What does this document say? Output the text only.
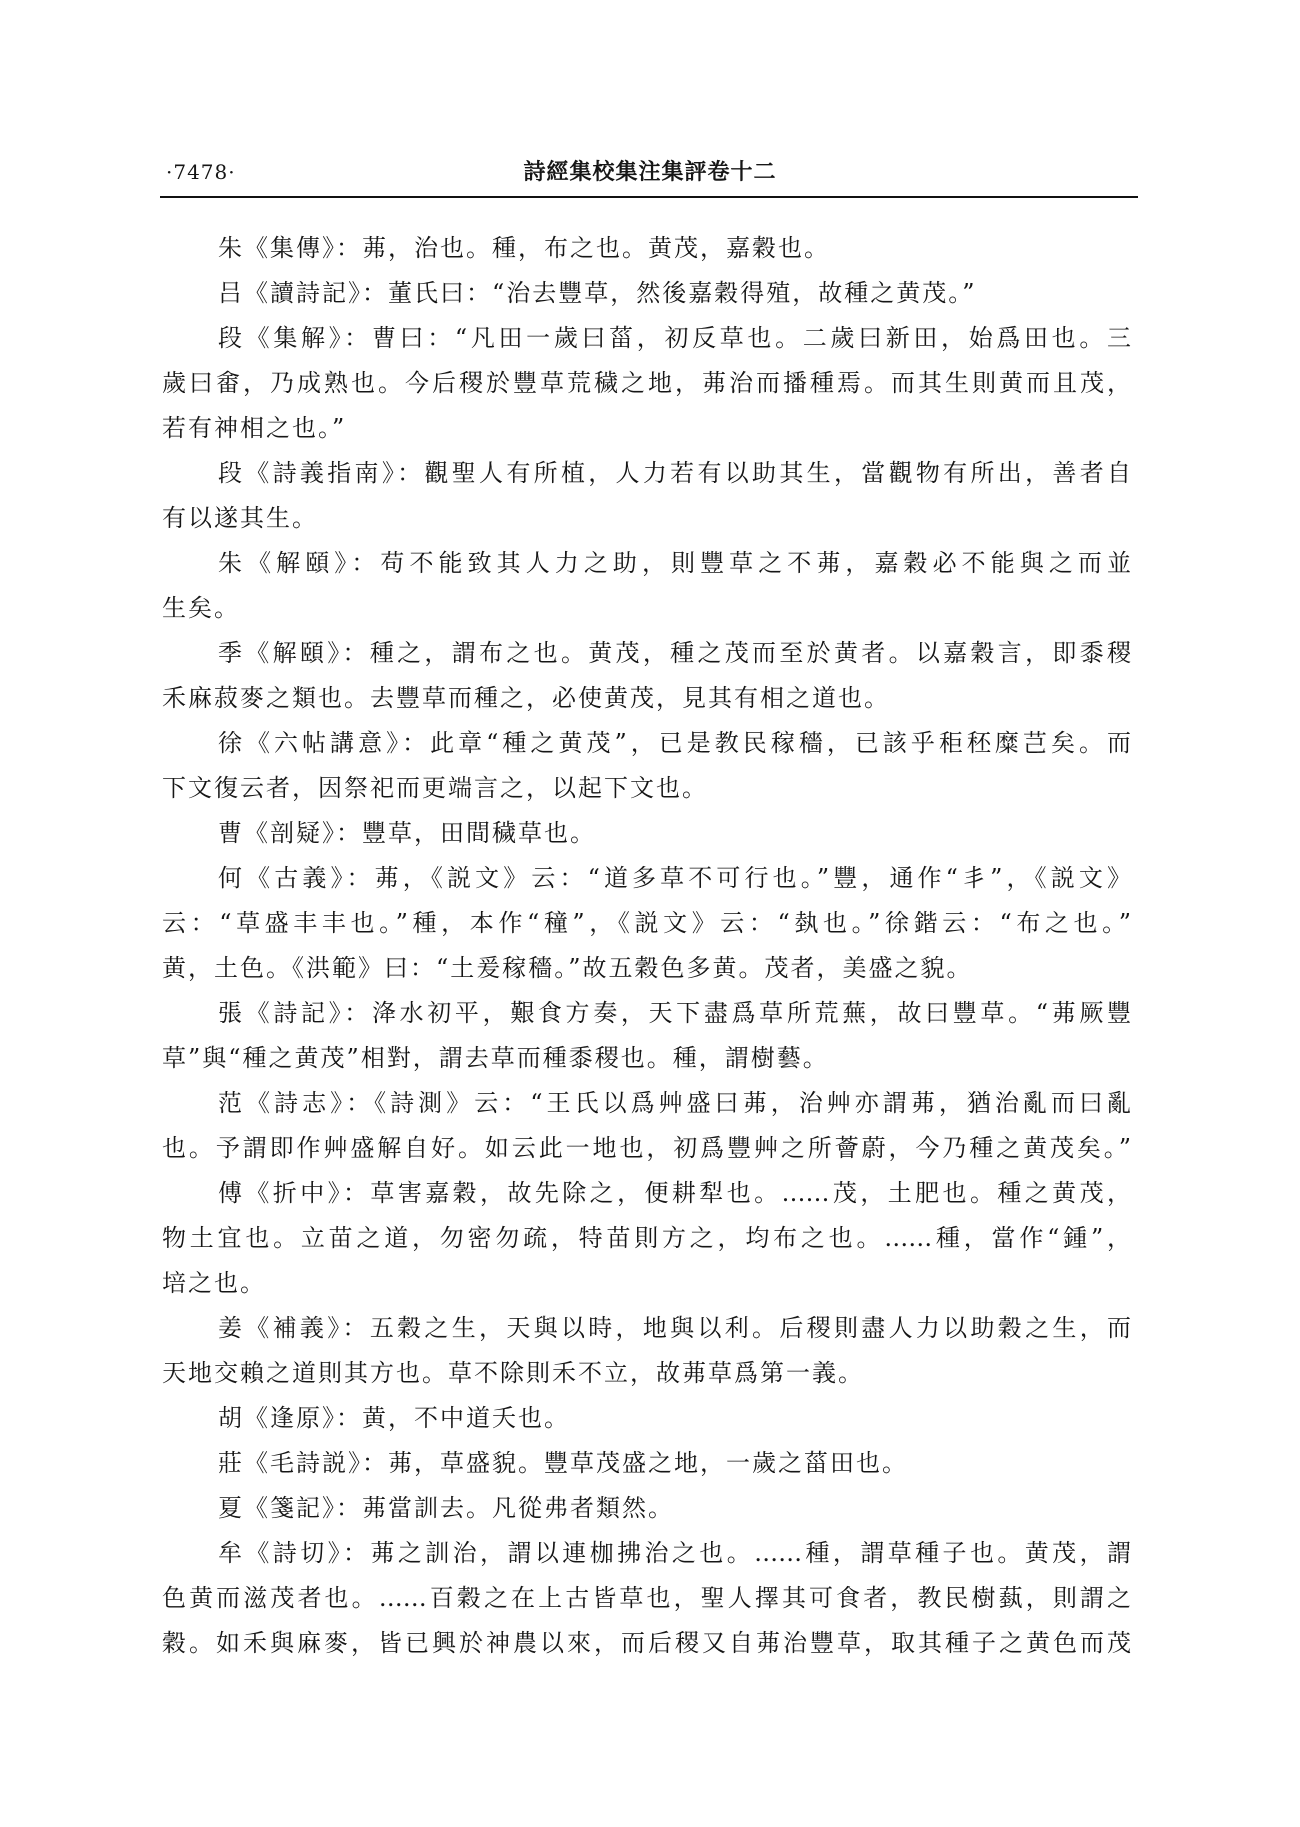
·7478·	詩經集校集注集評卷十二
朱《集傳》：茀，治也。種，布之也。黄茂，嘉穀也。
吕《讀詩記》：董氏曰：“治去豐草，然後嘉穀得殖，故種之黄茂。”
段《集解》：曹曰：“凡田一歲曰菑，初反草也。二歲曰新田，始爲田也。三
歲曰畬，乃成熟也。今后稷於豐草荒穢之地，茀治而播種焉。而其生則黄而且茂，
若有神相之也。”
段《詩義指南》：觀聖人有所植，人力若有以助其生，當觀物有所出，善者自
有以遂其生。
朱《解頤》：苟不能致其人力之助，則豐草之不茀，嘉穀必不能與之而並
生矣。
季《解頤》：種之，謂布之也。黄茂，種之茂而至於黄者。以嘉穀言，即黍稷
禾麻菽麥之類也。去豐草而種之，必使黄茂，見其有相之道也。
徐《六帖講意》：此章“種之黄茂”，已是教民稼穡，已該乎秬秠糜芑矣。而
下文復云者，因祭祀而更端言之，以起下文也。
曹《剖疑》：豐草，田間穢草也。
何《古義》：茀，《説文》云：“道多草不可行也。”豐，通作“丯”，《説文》
云：“草盛丰丰也。”種，本作“穜”，《説文》云：“埶也。”徐鍇云：“布之也。”
黄，土色。《洪範》曰：“土爰稼穡。”故五穀色多黄。茂者，美盛之貌。
張《詩記》：洚水初平，艱食方奏，天下盡爲草所荒蕪，故曰豐草。“茀厥豐
草”與“種之黄茂”相對，謂去草而種黍稷也。種，謂樹藝。
范《詩志》：《詩測》云：“王氏以爲艸盛曰茀，治艸亦謂茀，猶治亂而曰亂
也。予謂即作艸盛解自好。如云此一地也，初爲豐艸之所薈蔚，今乃種之黄茂矣。”
傅《折中》：草害嘉穀，故先除之，便耕犁也。……茂，土肥也。種之黄茂，
物土宜也。立苗之道，勿密勿疏，特苗則方之，均布之也。……種，當作“鍾”，
培之也。
姜《補義》：五穀之生，天與以時，地與以利。后稷則盡人力以助穀之生，而
天地交賴之道則其方也。草不除則禾不立，故茀草爲第一義。
胡《逢原》：黄，不中道夭也。
莊《毛詩説》：茀，草盛貌。豐草茂盛之地，一歲之菑田也。
夏《箋記》：茀當訓去。凡從弗者類然。
牟《詩切》：茀之訓治，謂以連枷拂治之也。……種，謂草種子也。黄茂，謂
色黄而滋茂者也。……百穀之在上古皆草也，聖人擇其可食者，教民樹蓺，則謂之
穀。如禾與麻麥，皆已興於神農以來，而后稷又自茀治豐草，取其種子之黄色而茂
